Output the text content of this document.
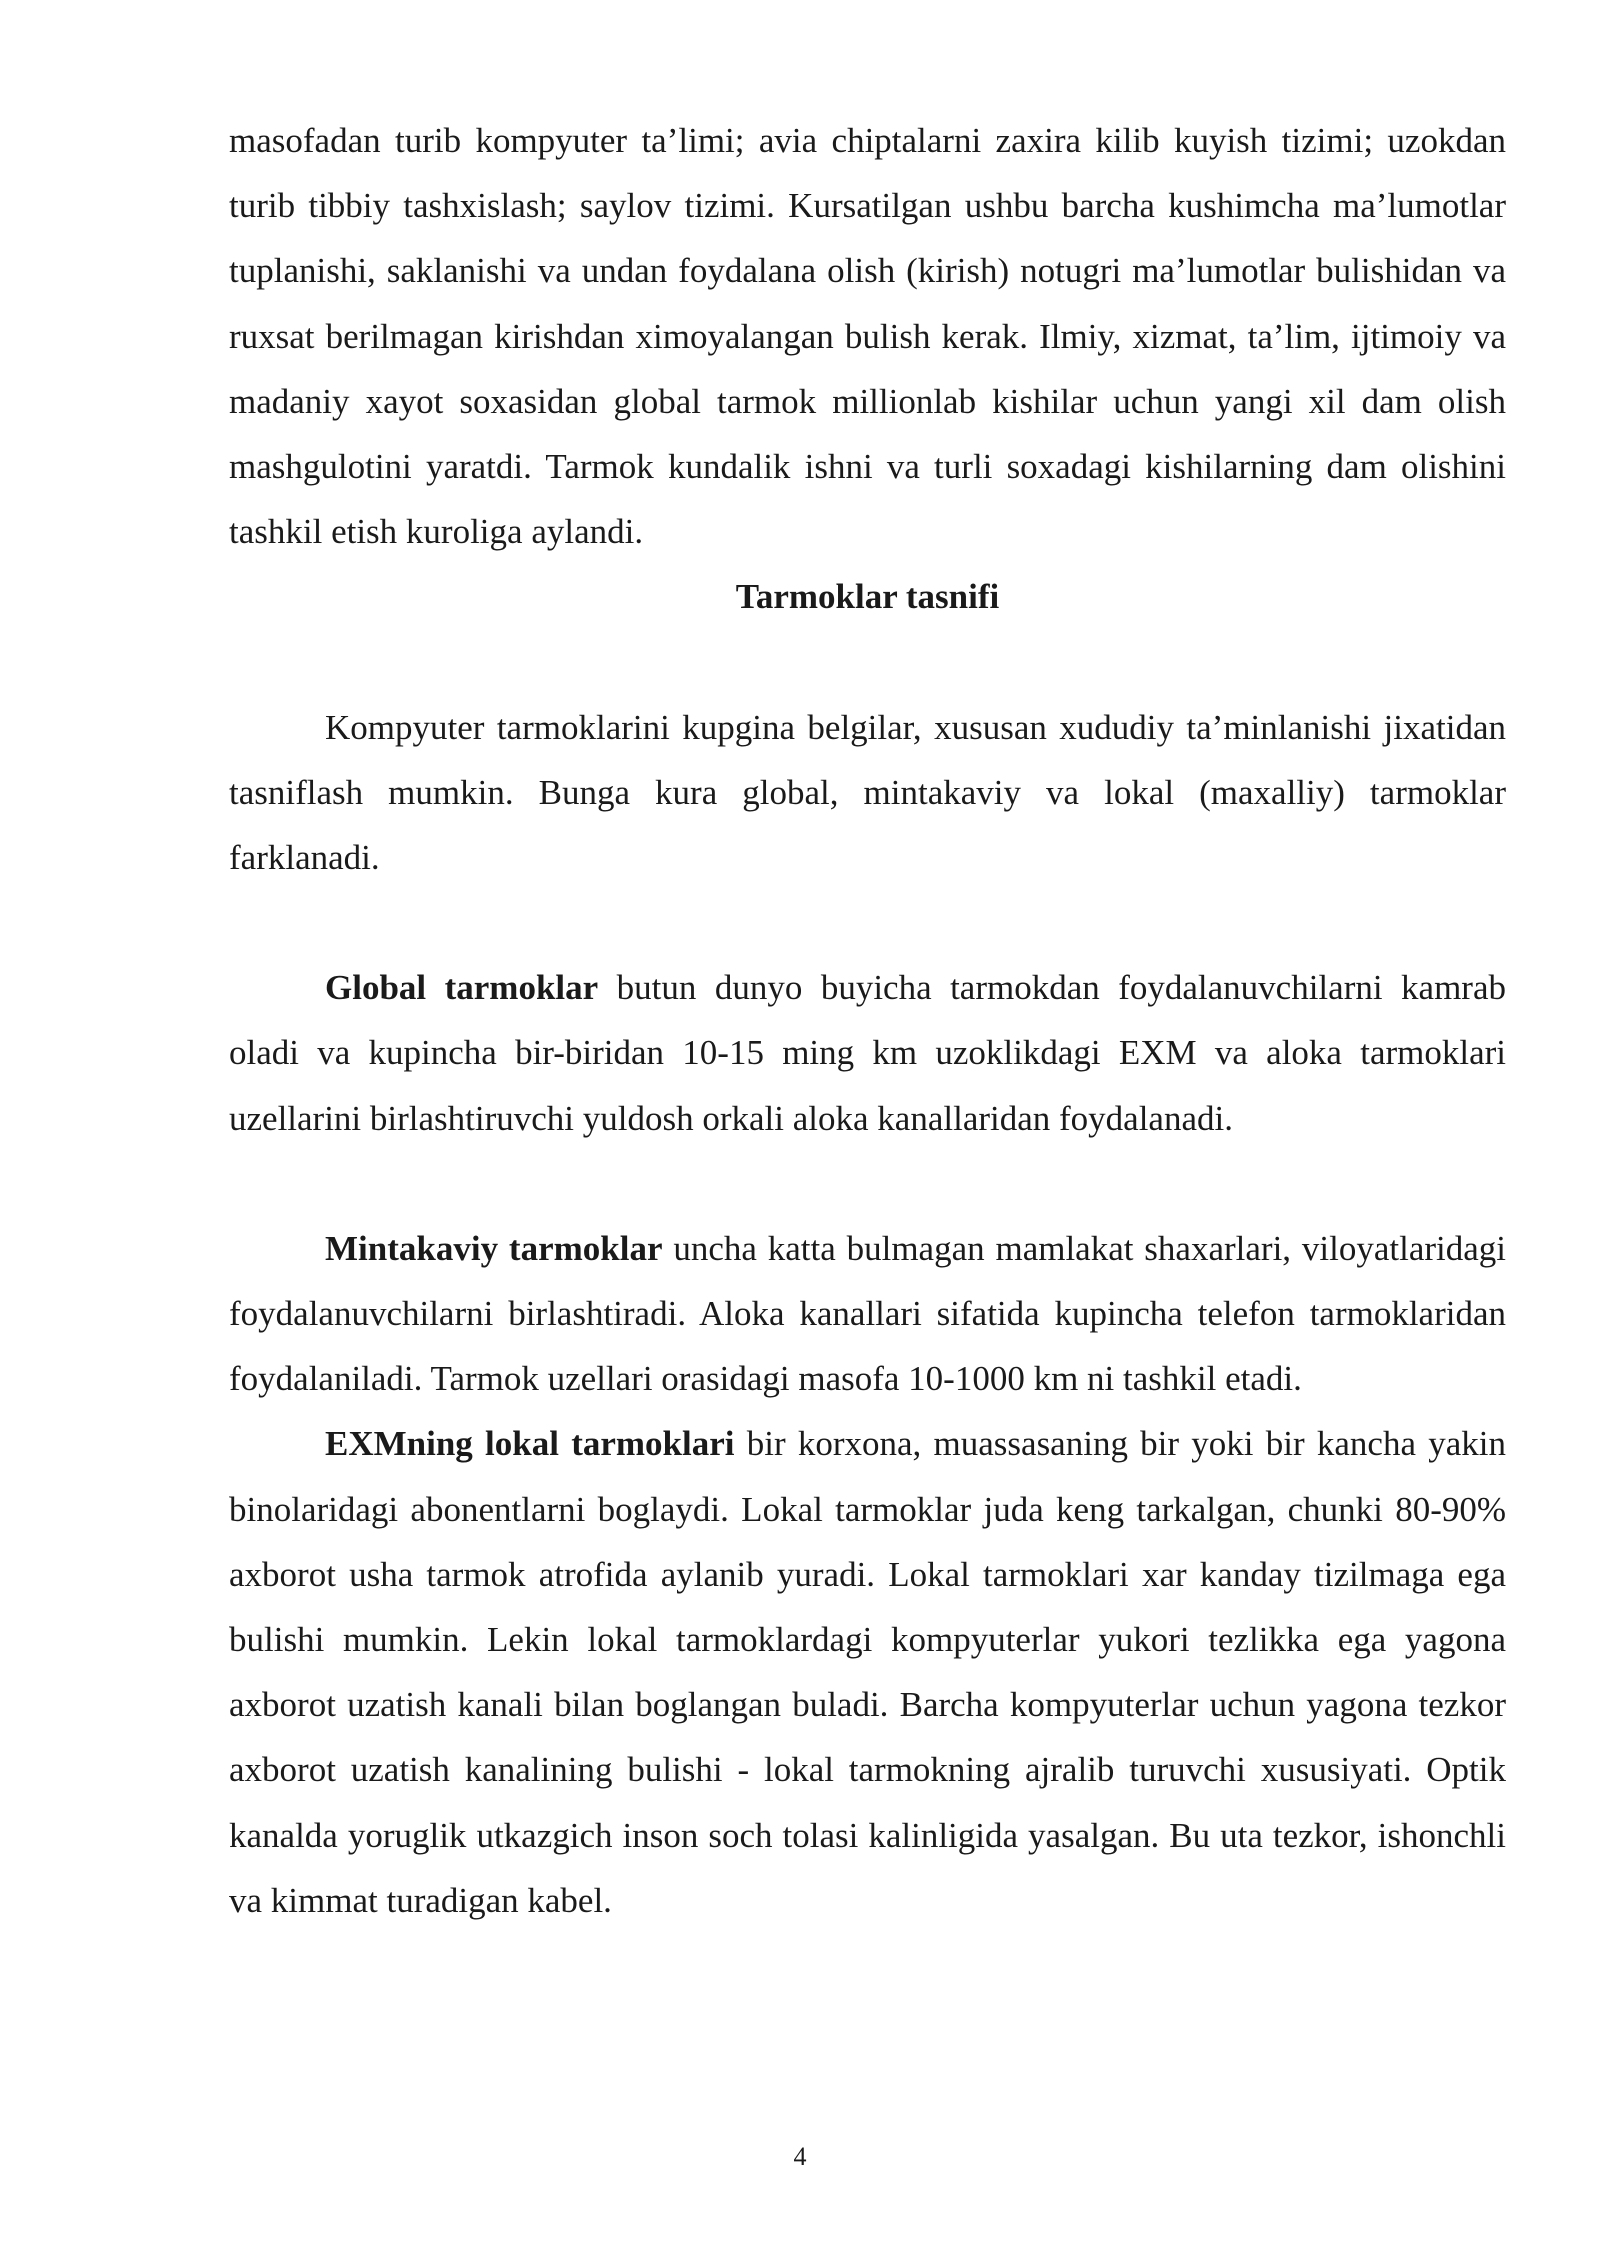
masofadan turib kompyuter ta’limi; avia chiptalarni zaxira kilib kuyish tizimi; uzokdan turib tibbiy tashxislash; saylov tizimi. Kursatilgan ushbu barcha kushimcha ma’lumotlar tuplanishi, saklanishi va undan foydalana olish (kirish) notugri ma’lumotlar bulishidan va ruxsat berilmagan kirishdan ximoyalangan bulish kerak. Ilmiy, xizmat, ta’lim, ijtimoiy va madaniy xayot soxasidan global tarmok millionlab kishilar uchun yangi xil dam olish mashgulotini yaratdi. Tarmok kundalik ishni va turli soxadagi kishilarning dam olishini tashkil etish kuroliga aylandi.

Tarmoklar tasnifi

Kompyuter tarmoklarini kupgina belgilar, xususan xududiy ta’minlanishi jixatidan tasniflash mumkin. Bunga kura global, mintakaviy va lokal (maxalliy) tarmoklar farklanadi.

Global tarmoklar butun dunyo buyicha tarmokdan foydalanuvchilarni kamrab oladi va kupincha bir-biridan 10-15 ming km uzoklikdagi EXM va aloka tarmoklari uzellarini birlashtiruvchi yuldosh orkali aloka kanallaridan foydalanadi.

Mintakaviy tarmoklar uncha katta bulmagan mamlakat shaxarlari, viloyatlaridagi foydalanuvchilarni birlashtiradi. Aloka kanallari sifatida kupincha telefon tarmoklaridan foydalaniladi. Tarmok uzellari orasidagi masofa 10-1000 km ni tashkil etadi.

EXMning lokal tarmoklari bir korxona, muassasaning bir yoki bir kancha yakin binolaridagi abonentlarni boglaydi. Lokal tarmoklar juda keng tarkalgan, chunki 80-90% axborot usha tarmok atrofida aylanib yuradi. Lokal tarmoklari xar kanday tizilmaga ega bulishi mumkin. Lekin lokal tarmoklardagi kompyuterlar yukori tezlikka ega yagona axborot uzatish kanali bilan boglangan buladi. Barcha kompyuterlar uchun yagona tezkor axborot uzatish kanalining bulishi - lokal tarmokning ajralib turuvchi xususiyati. Optik kanalda yoruglik utkazgich inson soch tolasi kalinligida yasalgan. Bu uta tezkor, ishonchli va kimmat turadigan kabel.

4
